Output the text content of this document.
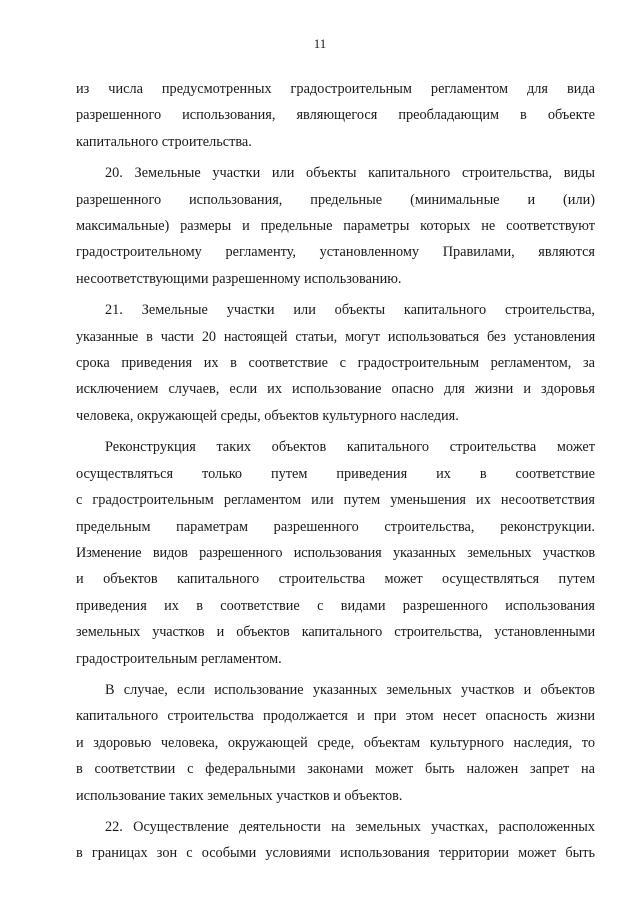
11

из числа предусмотренных градостроительным регламентом для вида
разрешенного использования, являющегося преобладающим в объекте
капитального строительства.

20. Земельные участки или объекты капитального строительства, виды
разрешенного использования, предельные (минимальные и (или)
максимальные) размеры и предельные параметры которых не соответствуют
градостроительному регламенту, установленному Правилами, являются
несоответствующими разрешенному использованию.

21. Земельные участки или объекты капитального строительства,
указанные в части 20 настоящей статьи, могут использоваться без установления
срока приведения их в соответствие с градостроительным регламентом, за
исключением случаев, если их использование опасно для жизни и здоровья
человека, окружающей среды, объектов культурного наследия.

Реконструкция таких объектов капитального строительства может
осуществляться только путем приведения их в соответствие
с градостроительным регламентом или путем уменьшения их несоответствия
предельным параметрам разрешенного строительства, реконструкции.
Изменение видов разрешенного использования указанных земельных участков
и объектов капитального строительства может осуществляться путем
приведения их в соответствие с видами разрешенного использования
земельных участков и объектов капитального строительства, установленными
градостроительным регламентом.

В случае, если использование указанных земельных участков и объектов
капитального строительства продолжается и при этом несет опасность жизни
и здоровью человека, окружающей среде, объектам культурного наследия, то
в соответствии с федеральными законами может быть наложен запрет на
использование таких земельных участков и объектов.

22. Осуществление деятельности на земельных участках, расположенных
в границах зон с особыми условиями использования территории может быть
